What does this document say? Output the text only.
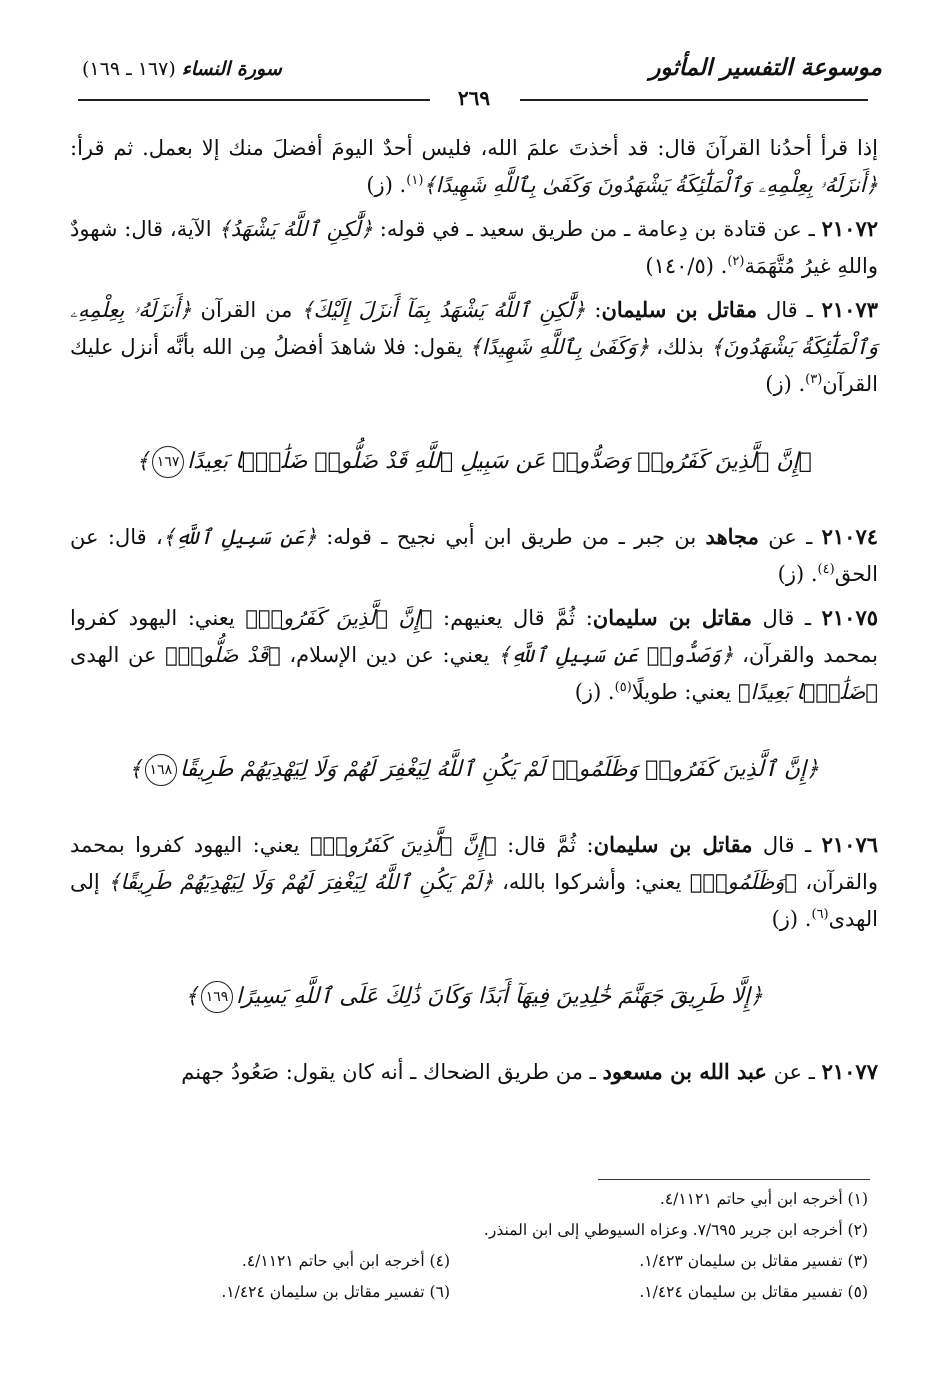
موسوعة التفسير المأثور
سورة النساء (١٦٧ ـ ١٦٩)
٢٦٩

إذا قرأ أحدُنا القرآنَ قال: قد أخذتَ علمَ الله، فليس أحدٌ اليومَ أفضلَ منك إلا بعمل. ثم قرأ: ﴿أَنزَلَهُۥ بِعِلْمِهِۦ وَٱلْمَلَٰٓئِكَةُ يَشْهَدُونَ وَكَفَىٰ بِٱللَّهِ شَهِيدًا﴾$^{(١)}$. (ز)

٢١٠٧٢ ـ عن قتادة بن دِعامة ـ من طريق سعيد ـ في قوله: ﴿لَّٰكِنِ ٱللَّهُ يَشْهَدُ﴾ الآية، قال: شهودٌ واللهِ غيرُ مُتَّهَمَة$^{(٢)}$. (١٤٠/٥)

٢١٠٧٣ ـ قال مقاتل بن سليمان: ﴿لَّٰكِنِ ٱللَّهُ يَشْهَدُ بِمَآ أَنزَلَ إِلَيْكَ﴾ من القرآن ﴿أَنزَلَهُۥ بِعِلْمِهِۦ وَٱلْمَلَٰٓئِكَةُ يَشْهَدُونَ﴾ بذلك، ﴿وَكَفَىٰ بِٱللَّهِ شَهِيدًا﴾ يقول: فلا شاهدَ أفضلُ مِن الله بأنَّه أنزل عليك القرآن$^{(٣)}$. (ز)

﴿إِنَّ ٱلَّذِينَ كَفَرُوا۟ وَصَدُّوا۟ عَن سَبِيلِ ٱللَّهِ قَدْ ضَلُّوا۟ ضَلَٰلًۢا بَعِيدًا١٦٧﴾

٢١٠٧٤ ـ عن مجاهد بن جبر ـ من طريق ابن أبي نجيح ـ قوله: ﴿عَن سَبِيلِ ٱللَّهِ﴾، قال: عن الحق$^{(٤)}$. (ز)

٢١٠٧٥ ـ قال مقاتل بن سليمان: ثُمَّ قال يعنيهم: ﴿إِنَّ ٱلَّذِينَ كَفَرُوا۟﴾ يعني: اليهود كفروا بمحمد والقرآن، ﴿وَصَدُّوا۟ عَن سَبِيلِ ٱللَّهِ﴾ يعني: عن دين الإسلام، ﴿قَدْ ضَلُّوا۟﴾ عن الهدى ﴿ضَلَٰلًۢا بَعِيدًا﴾ يعني: طويلًا$^{(٥)}$. (ز)

﴿إِنَّ ٱلَّذِينَ كَفَرُوا۟ وَظَلَمُوا۟ لَمْ يَكُنِ ٱللَّهُ لِيَغْفِرَ لَهُمْ وَلَا لِيَهْدِيَهُمْ طَرِيقًا١٦٨﴾

٢١٠٧٦ ـ قال مقاتل بن سليمان: ثُمَّ قال: ﴿إِنَّ ٱلَّذِينَ كَفَرُوا۟﴾ يعني: اليهود كفروا بمحمد والقرآن، ﴿وَظَلَمُوا۟﴾ يعني: وأشركوا بالله، ﴿لَمْ يَكُنِ ٱللَّهُ لِيَغْفِرَ لَهُمْ وَلَا لِيَهْدِيَهُمْ طَرِيقًا﴾ إلى الهدى$^{(٦)}$. (ز)

﴿إِلَّا طَرِيقَ جَهَنَّمَ خَٰلِدِينَ فِيهَآ أَبَدًا وَكَانَ ذَٰلِكَ عَلَى ٱللَّهِ يَسِيرًا١٦٩﴾

٢١٠٧٧ ـ عن عبد الله بن مسعود ـ من طريق الضحاك ـ أنه كان يقول: صَعُودُ جهنم

(١) أخرجه ابن أبي حاتم ٤/١١٢١.
(٢) أخرجه ابن جرير ٧/٦٩٥. وعزاه السيوطي إلى ابن المنذر.
(٣) تفسير مقاتل بن سليمان ١/٤٢٣.
(٤) أخرجه ابن أبي حاتم ٤/١١٢١.
(٥) تفسير مقاتل بن سليمان ١/٤٢٤.
(٦) تفسير مقاتل بن سليمان ١/٤٢٤.
